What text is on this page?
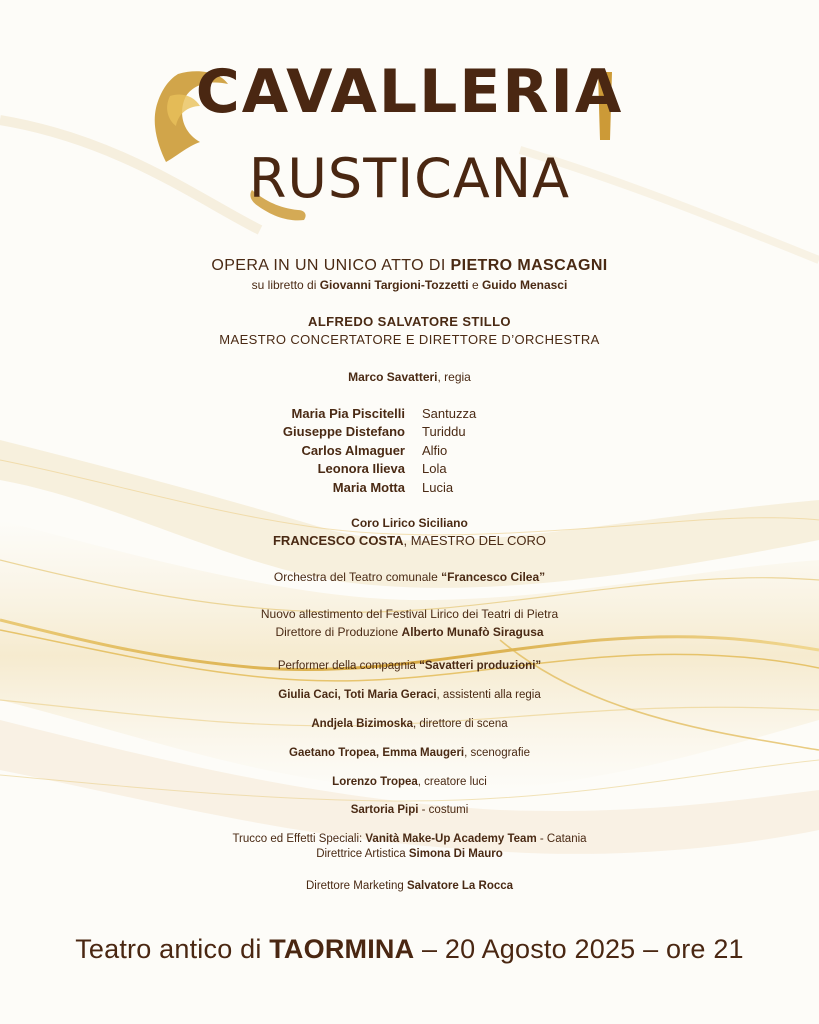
CAVALLERIA
RUSTICANA
OPERA IN UN UNICO ATTO DI PIETRO MASCAGNI
su libretto di Giovanni Targioni-Tozzetti e Guido Menasci
ALFREDO SALVATORE STILLO
MAESTRO CONCERTATORE E DIRETTORE D’ORCHESTRA
Marco Savatteri, regia
Maria Pia Piscitelli Santuzza
Giuseppe Distefano Turiddu
Carlos Almaguer Alfio
Leonora Ilieva Lola
Maria Motta Lucia
Coro Lirico Siciliano
FRANCESCO COSTA, MAESTRO DEL CORO
Orchestra del Teatro comunale “Francesco Cilea”
Nuovo allestimento del Festival Lirico dei Teatri di Pietra
Direttore di Produzione Alberto Munafò Siragusa
Performer della compagnia “Savatteri produzioni”
Giulia Caci, Toti Maria Geraci, assistenti alla regia
Andjela Bizimoska, direttore di scena
Gaetano Tropea, Emma Maugeri, scenografie
Lorenzo Tropea, creatore luci
Sartoria Pipi - costumi
Trucco ed Effetti Speciali: Vanità Make-Up Academy Team - Catania
Direttrice Artistica Simona Di Mauro
Direttore Marketing Salvatore La Rocca
Teatro antico di TAORMINA – 20 Agosto 2025 – ore 21
